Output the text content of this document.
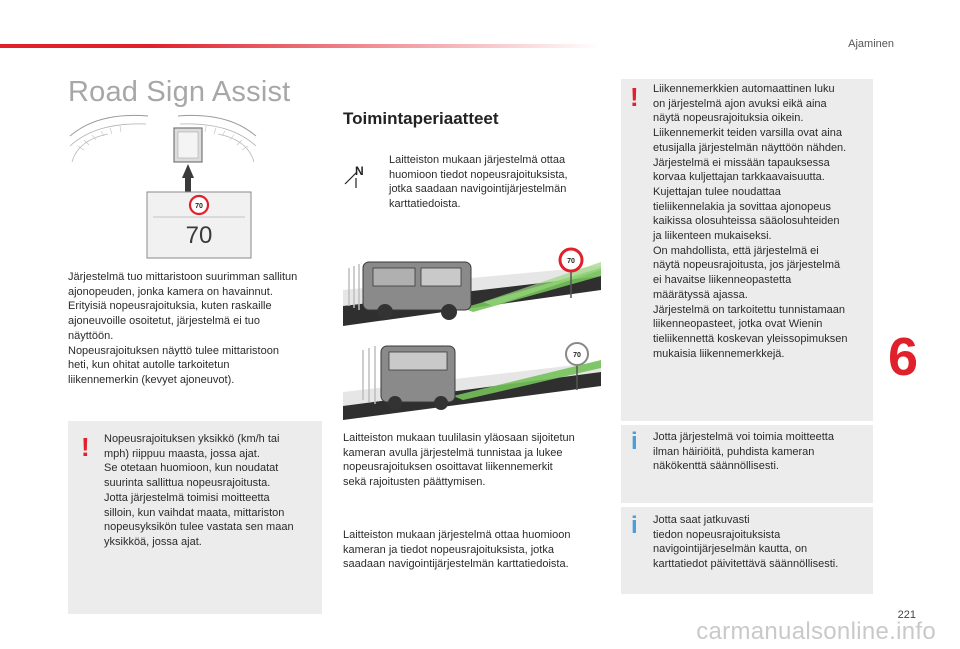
Ajaminen
Road Sign Assist
70
70
Järjestelmä tuo mittaristoon suurimman sallitun
ajonopeuden, jonka kamera on havainnut.
Erityisiä nopeusrajoituksia, kuten raskaille
ajoneuvoille osoitetut, järjestelmä ei tuo
näyttöön.
Nopeusrajoituksen näyttö tulee mittaristoon
heti, kun ohitat autolle tarkoitetun
liikennemerkin (kevyet ajoneuvot).
! Nopeusrajoituksen yksikkö (km/h tai
mph) riippuu maasta, jossa ajat.
Se otetaan huomioon, kun noudatat
suurinta sallittua nopeusrajoitusta.
Jotta järjestelmä toimisi moitteetta
silloin, kun vaihdat maata, mittariston
nopeusyksikön tulee vastata sen maan
yksikköä, jossa ajat.
Toimintaperiaatteet
N
Laitteiston mukaan järjestelmä ottaa
huomioon tiedot nopeusrajoituksista,
jotka saadaan navigointijärjestelmän
karttatiedoista.
70
70
Laitteiston mukaan tuulilasin yläosaan sijoitetun
kameran avulla järjestelmä tunnistaa ja lukee
nopeusrajoituksen osoittavat liikennemerkit
sekä rajoitusten päättymisen.
Laitteiston mukaan järjestelmä ottaa huomioon
kameran ja tiedot nopeusrajoituksista, jotka
saadaan navigointijärjestelmän karttatiedoista.
! Liikennemerkkien automaattinen luku
on järjestelmä ajon avuksi eikä aina
näytä nopeusrajoituksia oikein.
Liikennemerkit teiden varsilla ovat aina
etusijalla järjestelmän näyttöön nähden.
Järjestelmä ei missään tapauksessa
korvaa kuljettajan tarkkaavaisuutta.
Kujettajan tulee noudattaa
tieliikennelakia ja sovittaa ajonopeus
kaikissa olosuhteissa sääolosuhteiden
ja liikenteen mukaiseksi.
On mahdollista, että järjestelmä ei
näytä nopeusrajoitusta, jos järjestelmä
ei havaitse liikenneopastetta
määrätyssä ajassa.
Järjestelmä on tarkoitettu tunnistamaan
liikenneopasteet, jotka ovat Wienin
tieliikennettä koskevan yleissopimuksen
mukaisia liikennemerkkejä.
i Jotta järjestelmä voi toimia moitteetta
ilman häiriöitä, puhdista kameran
näkökenttä säännöllisesti.
i Jotta saat jatkuvasti
tiedon nopeusrajoituksista
navigointijärjeselmän kautta, on
karttatiedot päivitettävä säännöllisesti.
6
221
carmanualsonline.info
